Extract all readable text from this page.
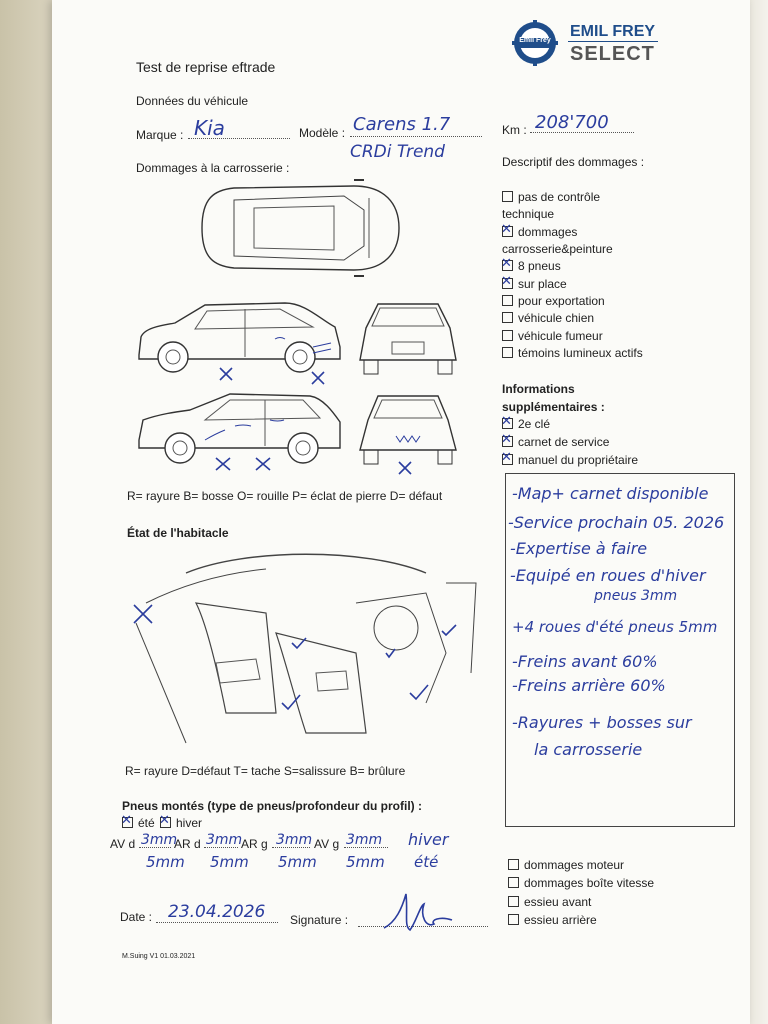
Emil Frey
EMIL FREY
SELECT
Test de reprise eftrade
Données du véhicule
Marque : Kia	Modèle : Carens 1.7
CRDi Trend
Km : 208'700
Dommages à la carrosserie :
R= rayure B= bosse O= rouille P= éclat de pierre D= défaut
Descriptif des dommages :
pas de contrôle
technique
✕dommages
carrosserie&peinture
✕8 pneus
✕sur place
pour exportation
véhicule chien
véhicule fumeur
témoins lumineux actifs
Informations
supplémentaires :
✕2e clé
✕carnet de service
✕manuel du propriétaire
-Map+ carnet disponible
-Service prochain 05. 2026
-Expertise à faire
-Equipé en roues d'hiver
pneus 3mm
+4 roues d'été pneus 5mm
-Freins avant 60%
-Freins arrière 60%
-Rayures + bosses sur
la carrosserie
État de l'habitacle
R= rayure D=défaut T= tache S=salissure B= brûlure
Pneus montés (type de pneus/profondeur du profil) :
✕été
✕	hiver
AV d 3mm
AR d 3mm
AR g 3mm AV g 3mm hiver
5mm 5mm 5mm 5mm été	dommages moteur
dommages boîte vitesse
essieu avant
essieu arrière
Date : 23.04.2026 Signature :
M.Suing V1 01.03.2021
